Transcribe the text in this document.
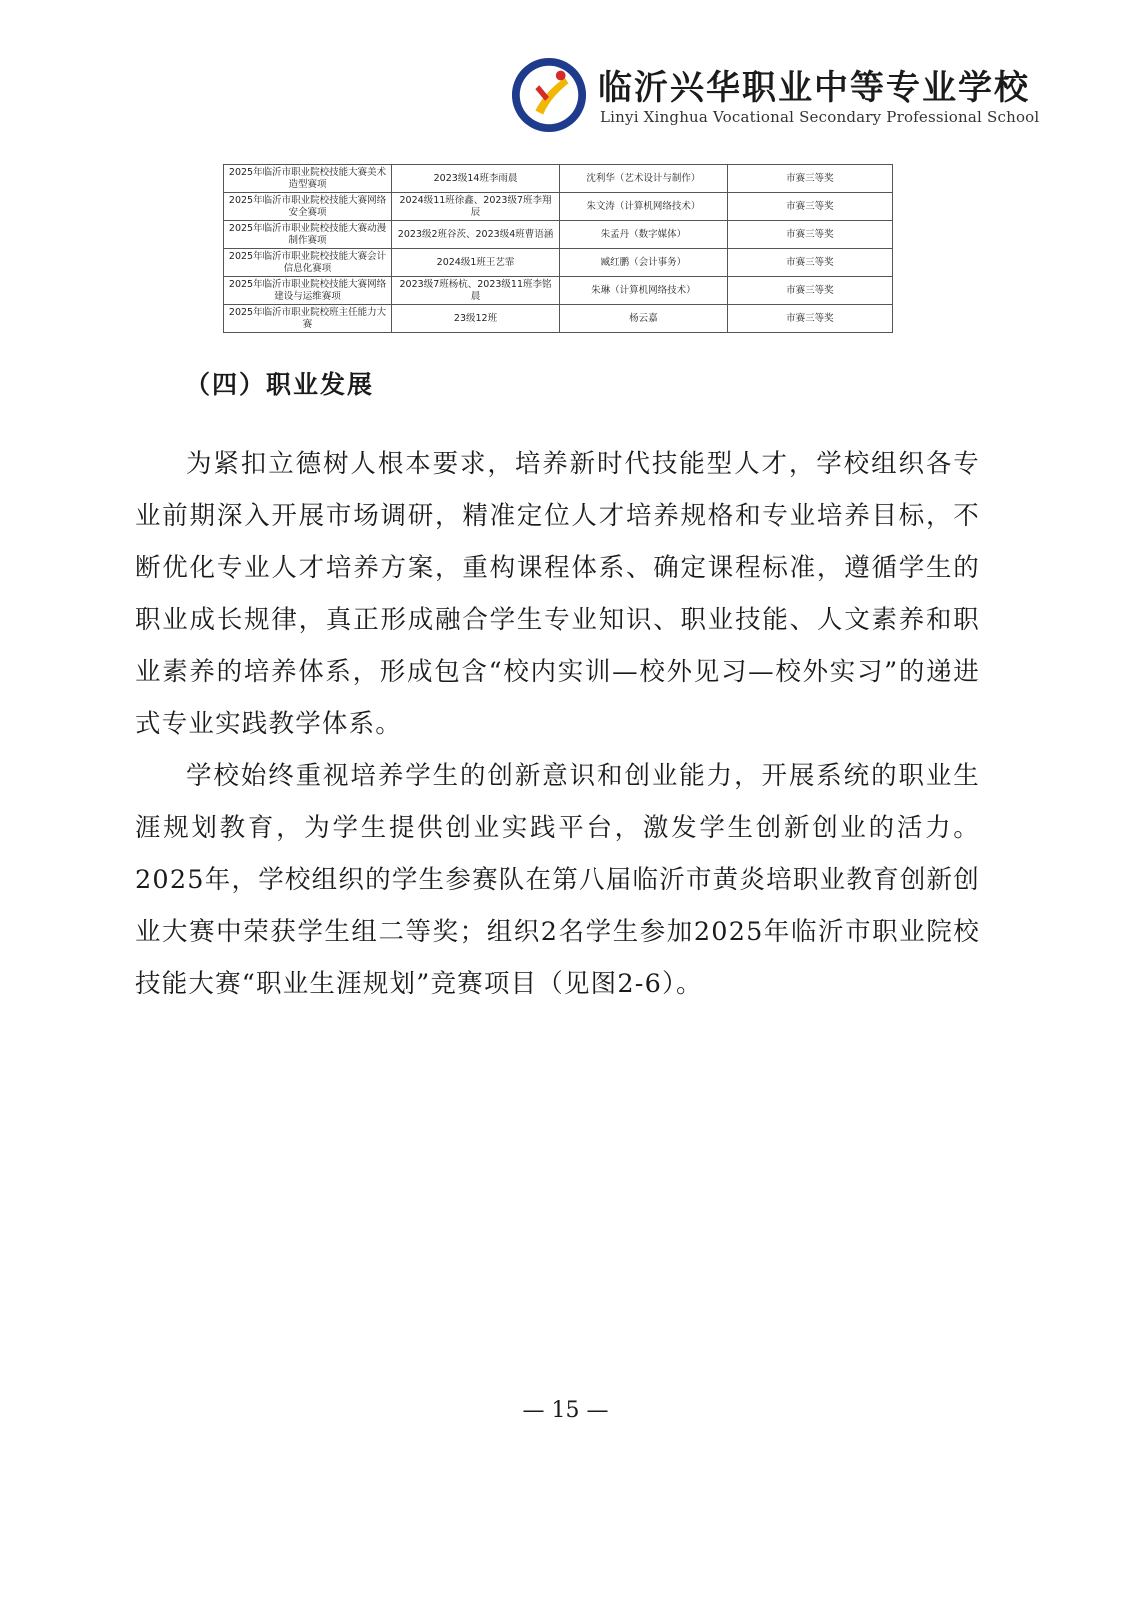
临沂兴华职业中等专业学校
Linyi Xinghua Vocational Secondary Professional School
2025年临沂市职业院校技能大赛美术造型赛项	2023级14班李雨晨	沈利华（艺术设计与制作）	市赛三等奖
2025年临沂市职业院校技能大赛网络安全赛项	2024级11班徐鑫、2023级7班李翔辰	朱文涛（计算机网络技术）	市赛三等奖
2025年临沂市职业院校技能大赛动漫制作赛项	2023级2班谷茨、2023级4班曹语涵	朱孟丹（数字媒体）	市赛三等奖
2025年临沂市职业院校技能大赛会计信息化赛项	2024级1班王艺霏	臧红鹏（会计事务）	市赛三等奖
2025年临沂市职业院校技能大赛网络建设与运维赛项	2023级7班杨杭、2023级11班李铭晨	朱琳（计算机网络技术）	市赛三等奖
2025年临沂市职业院校班主任能力大赛	23级12班	杨云嘉	市赛三等奖
（四）职业发展

为紧扣立德树人根本要求，培养新时代技能型人才，学校组织各专业前期深入开展市场调研，精准定位人才培养规格和专业培养目标，不断优化专业人才培养方案，重构课程体系、确定课程标准，遵循学生的职业成长规律，真正形成融合学生专业知识、职业技能、人文素养和职业素养的培养体系，形成包含“校内实训—校外见习—校外实习”的递进式专业实践教学体系。

学校始终重视培养学生的创新意识和创业能力，开展系统的职业生涯规划教育，为学生提供创业实践平台，激发学生创新创业的活力。2025年，学校组织的学生参赛队在第八届临沂市黄炎培职业教育创新创业大赛中荣获学生组二等奖；组织2名学生参加2025年临沂市职业院校技能大赛“职业生涯规划”竞赛项目（见图2-6）。

— 15 —
